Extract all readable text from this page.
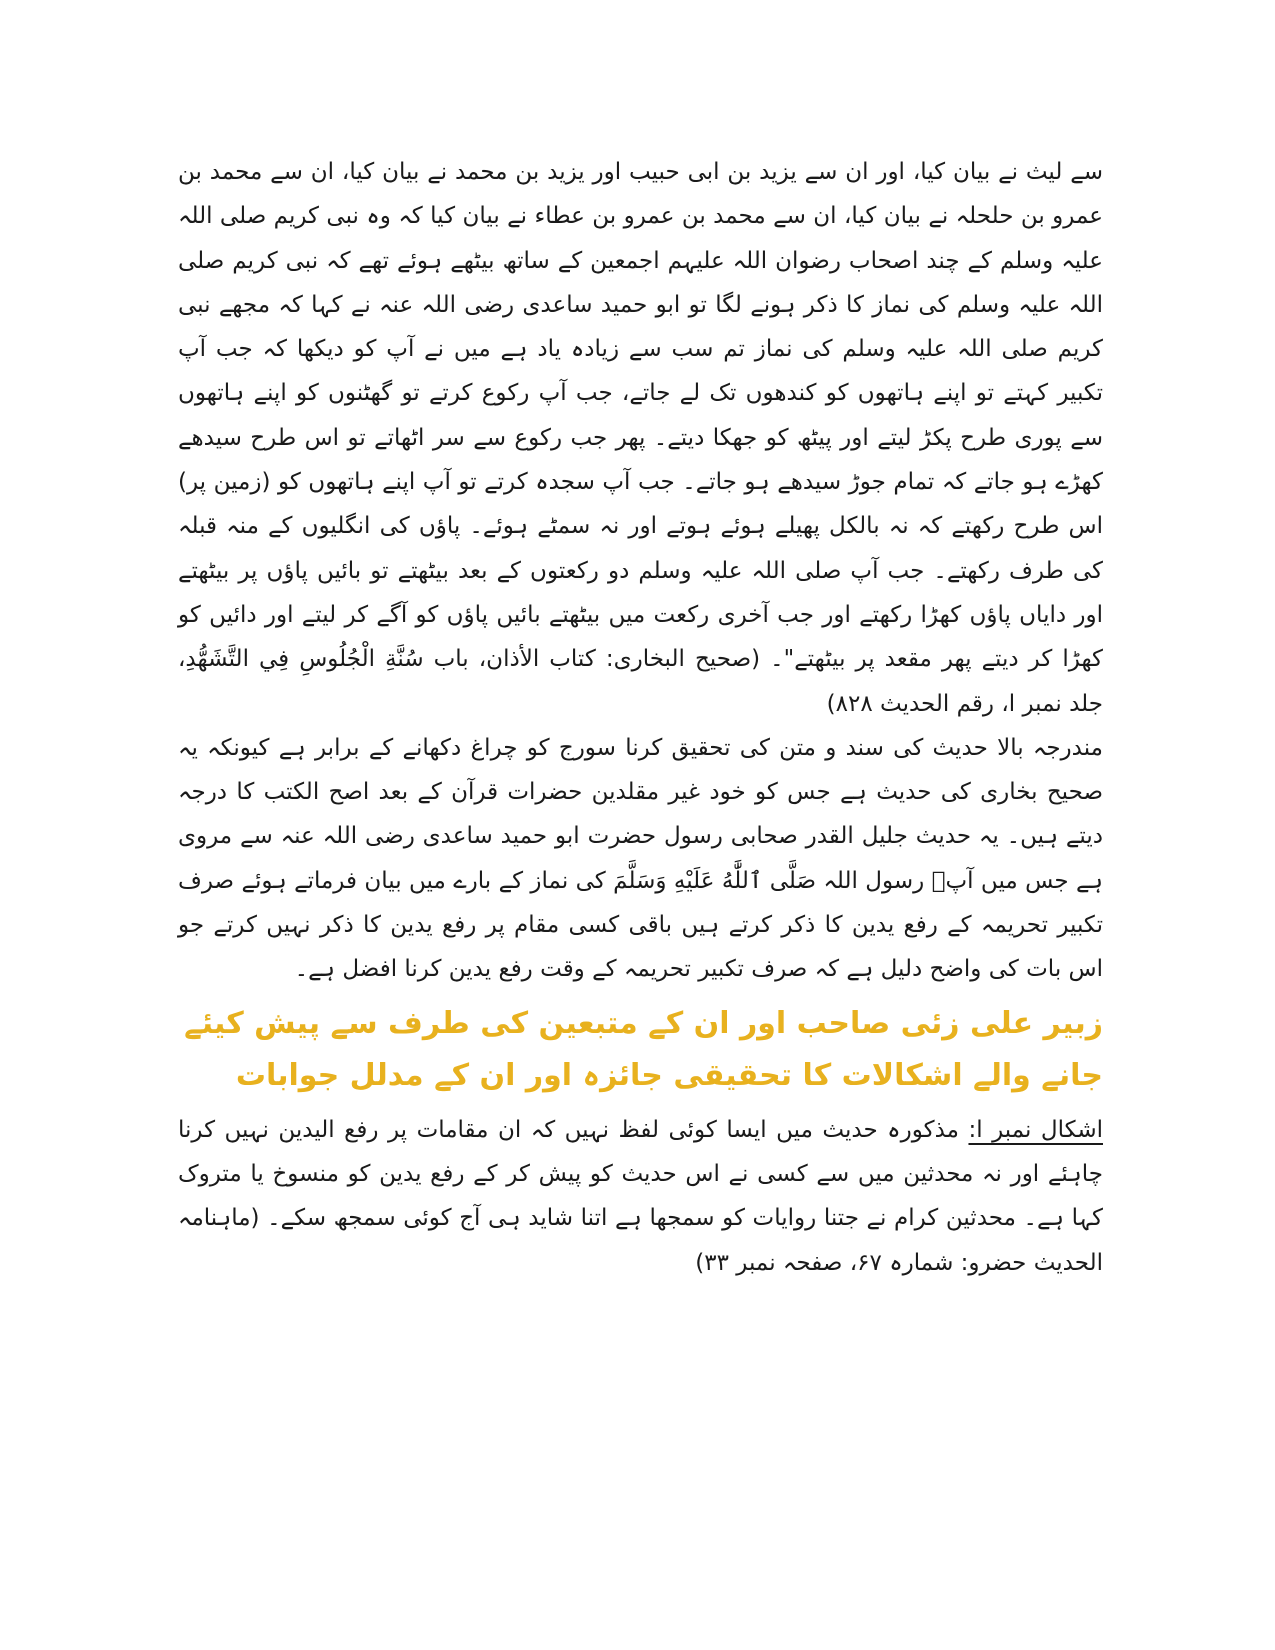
سے لیث نے بیان کیا، اور ان سے یزید بن ابی حبیب اور یزید بن محمد نے بیان کیا، ان سے محمد بن عمرو بن حلحلہ نے بیان کیا، ان سے محمد بن عمرو بن عطاء نے بیان کیا کہ وہ نبی کریم صلی اللہ علیہ وسلم کے چند اصحاب رضوان اللہ علیہم اجمعین کے ساتھ بیٹھے ہوئے تھے کہ نبی کریم صلی اللہ علیہ وسلم کی نماز کا ذکر ہونے لگا تو ابو حمید ساعدی رضی اللہ عنہ نے کہا کہ مجھے نبی کریم صلی اللہ علیہ وسلم کی نماز تم سب سے زیادہ یاد ہے میں نے آپ کو دیکھا کہ جب آپ تکبیر کہتے تو اپنے ہاتھوں کو کندھوں تک لے جاتے، جب آپ رکوع کرتے تو گھٹنوں کو اپنے ہاتھوں سے پوری طرح پکڑ لیتے اور پیٹھ کو جھکا دیتے۔ پھر جب رکوع سے سر اٹھاتے تو اس طرح سیدھے کھڑے ہو جاتے کہ تمام جوڑ سیدھے ہو جاتے۔ جب آپ سجدہ کرتے تو آپ اپنے ہاتھوں کو (زمین پر) اس طرح رکھتے کہ نہ بالکل پھیلے ہوئے ہوتے اور نہ سمٹے ہوئے۔ پاؤں کی انگلیوں کے منہ قبلہ کی طرف رکھتے۔ جب آپ صلی اللہ علیہ وسلم دو رکعتوں کے بعد بیٹھتے تو بائیں پاؤں پر بیٹھتے اور دایاں پاؤں کھڑا رکھتے اور جب آخری رکعت میں بیٹھتے بائیں پاؤں کو آگے کر لیتے اور دائیں کو کھڑا کر دیتے پھر مقعد پر بیٹھتے"۔ (صحیح البخاری: کتاب الأذان، باب سُنَّةِ الْجُلُوسِ فِي التَّشَهُّدِ، جلد نمبر ا، رقم الحدیث ۸۲۸)

مندرجہ بالا حدیث کی سند و متن کی تحقیق کرنا سورج کو چراغ دکھانے کے برابر ہے کیونکہ یہ صحیح بخاری کی حدیث ہے جس کو خود غیر مقلدین حضرات قرآن کے بعد اصح الکتب کا درجہ دیتے ہیں۔ یہ حدیث جلیل القدر صحابی رسول حضرت ابو حمید ساعدی رضی اللہ عنہ سے مروی ہے جس میں آپؓ رسول اللہ صَلَّى ٱللَّٰهُ عَلَيْهِ وَسَلَّمَ کی نماز کے بارے میں بیان فرماتے ہوئے صرف تکبیر تحریمہ کے رفع یدین کا ذکر کرتے ہیں باقی کسی مقام پر رفع یدین کا ذکر نہیں کرتے جو اس بات کی واضح دلیل ہے کہ صرف تکبیر تحریمہ کے وقت رفع یدین کرنا افضل ہے۔

زبیر علی زئی صاحب اور ان کے متبعین کی طرف سے پیش کیئے جانے والے اشکالات کا تحقیقی جائزہ اور ان کے مدلل جوابات

اشکال نمبر ا: مذکورہ حدیث میں ایسا کوئی لفظ نہیں کہ ان مقامات پر رفع الیدین نہیں کرنا چاہئے اور نہ محدثین میں سے کسی نے اس حدیث کو پیش کر کے رفع یدین کو منسوخ یا متروک کہا ہے۔ محدثین کرام نے جتنا روایات کو سمجھا ہے اتنا شاید ہی آج کوئی سمجھ سکے۔ (ماہنامہ الحدیث حضرو: شمارہ ۶۷، صفحہ نمبر ۳۳)
